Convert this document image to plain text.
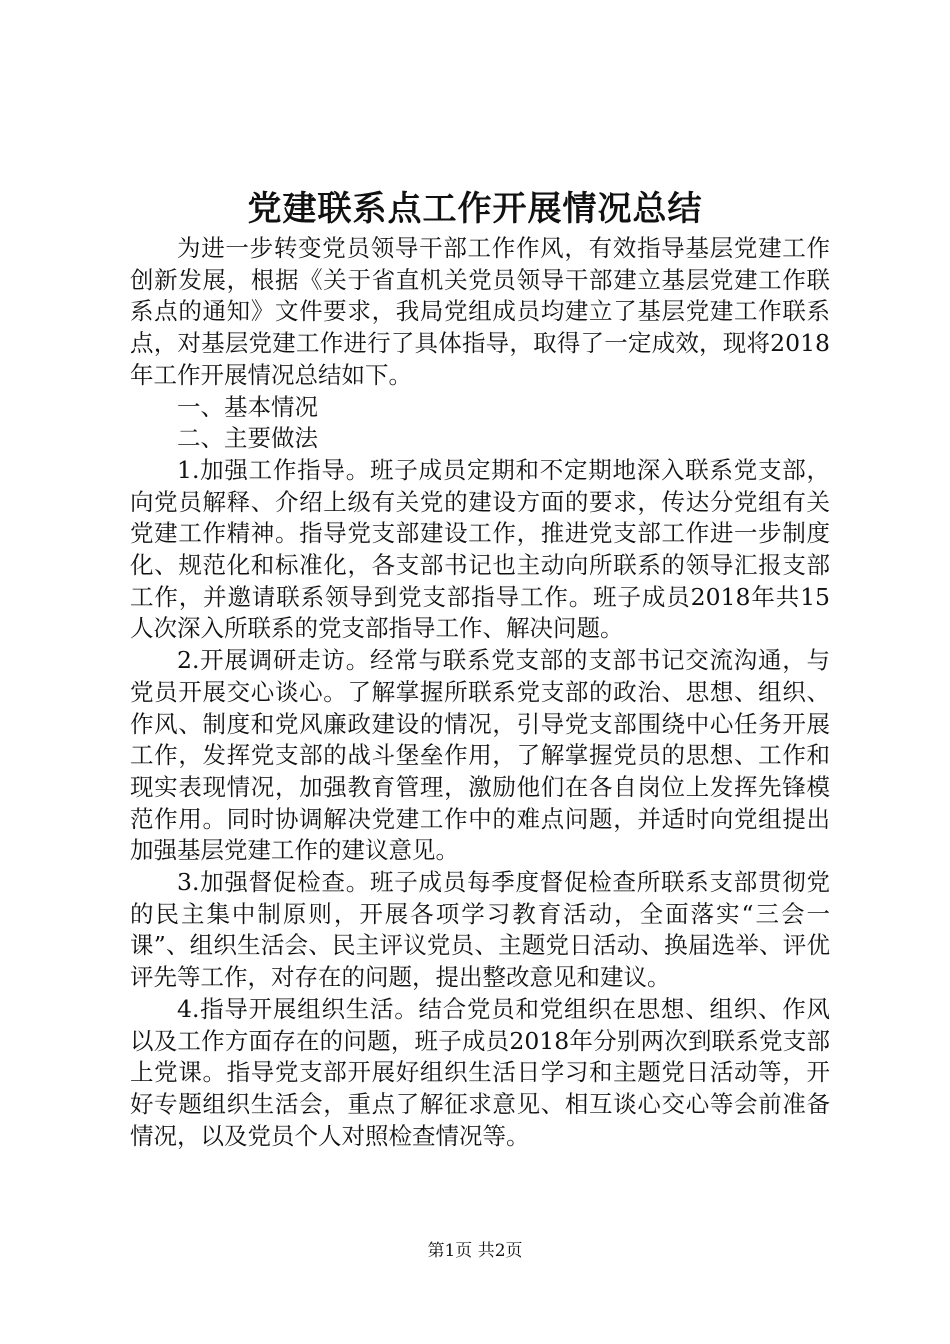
党建联系点工作开展情况总结

为进一步转变党员领导干部工作作风，有效指导基层党建工作创新发展，根据《关于省直机关党员领导干部建立基层党建工作联系点的通知》文件要求，我局党组成员均建立了基层党建工作联系点，对基层党建工作进行了具体指导，取得了一定成效，现将2018年工作开展情况总结如下。

一、基本情况

二、主要做法

1.加强工作指导。班子成员定期和不定期地深入联系党支部，向党员解释、介绍上级有关党的建设方面的要求，传达分党组有关党建工作精神。指导党支部建设工作，推进党支部工作进一步制度化、规范化和标准化，各支部书记也主动向所联系的领导汇报支部工作，并邀请联系领导到党支部指导工作。班子成员2018年共15人次深入所联系的党支部指导工作、解决问题。

2.开展调研走访。经常与联系党支部的支部书记交流沟通，与党员开展交心谈心。了解掌握所联系党支部的政治、思想、组织、作风、制度和党风廉政建设的情况，引导党支部围绕中心任务开展工作，发挥党支部的战斗堡垒作用，了解掌握党员的思想、工作和现实表现情况，加强教育管理，激励他们在各自岗位上发挥先锋模范作用。同时协调解决党建工作中的难点问题，并适时向党组提出加强基层党建工作的建议意见。

3.加强督促检查。班子成员每季度督促检查所联系支部贯彻党的民主集中制原则，开展各项学习教育活动，全面落实“三会一课”、组织生活会、民主评议党员、主题党日活动、换届选举、评优评先等工作，对存在的问题，提出整改意见和建议。

4.指导开展组织生活。结合党员和党组织在思想、组织、作风以及工作方面存在的问题，班子成员2018年分别两次到联系党支部上党课。指导党支部开展好组织生活日学习和主题党日活动等，开好专题组织生活会，重点了解征求意见、相互谈心交心等会前准备情况，以及党员个人对照检查情况等。

第1页 共2页
